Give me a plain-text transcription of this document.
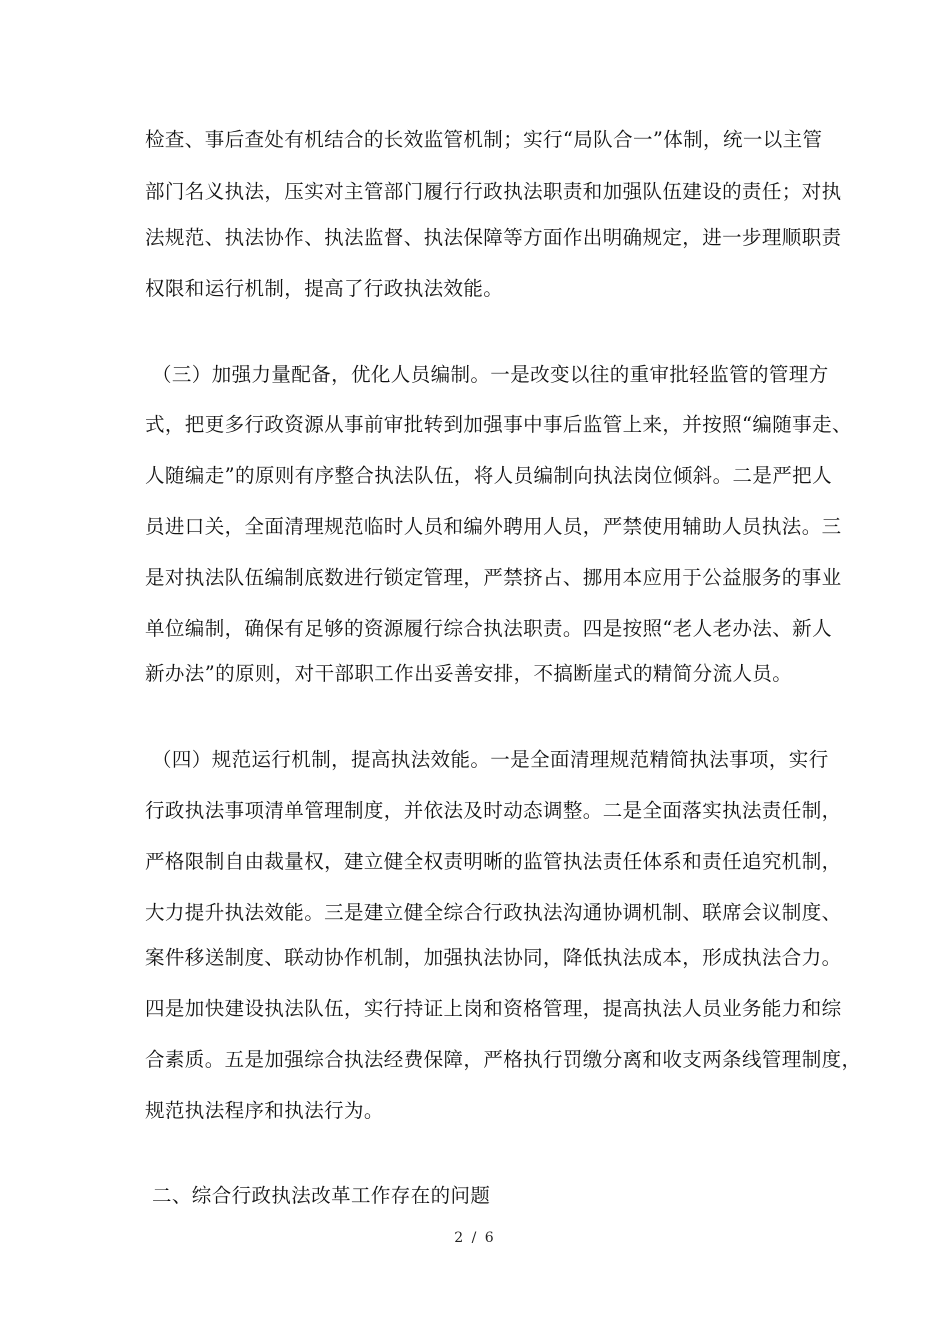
检查、事后查处有机结合的长效监管机制；实行“局队合一”体制，统一以主管
部门名义执法，压实对主管部门履行行政执法职责和加强队伍建设的责任；对执
法规范、执法协作、执法监督、执法保障等方面作出明确规定，进一步理顺职责
权限和运行机制，提高了行政执法效能。
（三）加强力量配备，优化人员编制。一是改变以往的重审批轻监管的管理方
式，把更多行政资源从事前审批转到加强事中事后监管上来，并按照“编随事走、
人随编走”的原则有序整合执法队伍，将人员编制向执法岗位倾斜。二是严把人
员进口关，全面清理规范临时人员和编外聘用人员，严禁使用辅助人员执法。三
是对执法队伍编制底数进行锁定管理，严禁挤占、挪用本应用于公益服务的事业
单位编制，确保有足够的资源履行综合执法职责。四是按照“老人老办法、新人
新办法”的原则，对干部职工作出妥善安排，不搞断崖式的精简分流人员。
（四）规范运行机制，提高执法效能。一是全面清理规范精简执法事项，实行
行政执法事项清单管理制度，并依法及时动态调整。二是全面落实执法责任制，
严格限制自由裁量权，建立健全权责明晰的监管执法责任体系和责任追究机制，
大力提升执法效能。三是建立健全综合行政执法沟通协调机制、联席会议制度、
案件移送制度、联动协作机制，加强执法协同，降低执法成本，形成执法合力。
四是加快建设执法队伍，实行持证上岗和资格管理，提高执法人员业务能力和综
合素质。五是加强综合执法经费保障，严格执行罚缴分离和收支两条线管理制度，
规范执法程序和执法行为。
二、综合行政执法改革工作存在的问题
2 / 6
